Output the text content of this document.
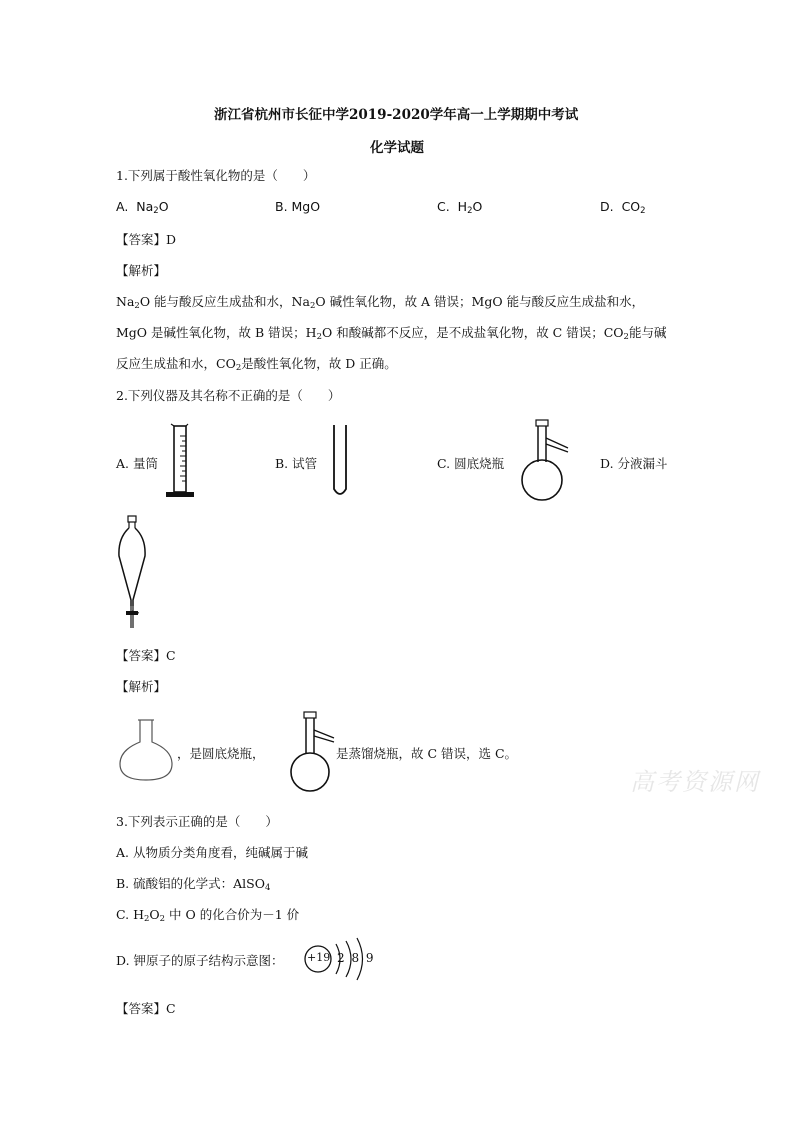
浙江省杭州市长征中学2019-2020学年高一上学期期中考试
化学试题
1.下列属于酸性氧化物的是（　　）
A. $Na_2O$	B. MgO	C. $H_2O$	D. $CO_2$
【答案】D
【解析】
$Na_2O$ 能与酸反应生成盐和水，$Na_2O$ 碱性氧化物，故 A 错误；MgO 能与酸反应生成盐和水，
MgO 是碱性氧化物，故 B 错误；$H_2O$ 和酸碱都不反应，是不成盐氧化物，故 C 错误；$CO_2$能与碱
反应生成盐和水，$CO_2$是酸性氧化物，故 D 正确。
2.下列仪器及其名称不正确的是（　　）
A. 量筒	B. 试管	C. 圆底烧瓶	D. 分液漏斗
【答案】C
【解析】
，是圆底烧瓶，	是蒸馏烧瓶，故 C 错误，选 C。
高考资源网
3.下列表示正确的是（　　）
A. 从物质分类角度看，纯碱属于碱
B. 硫酸铝的化学式：AlSO$_4$
C. $H_2O_2$ 中 O 的化合价为－1 价
D. 钾原子的原子结构示意图： +19 2 8 9
【答案】C
